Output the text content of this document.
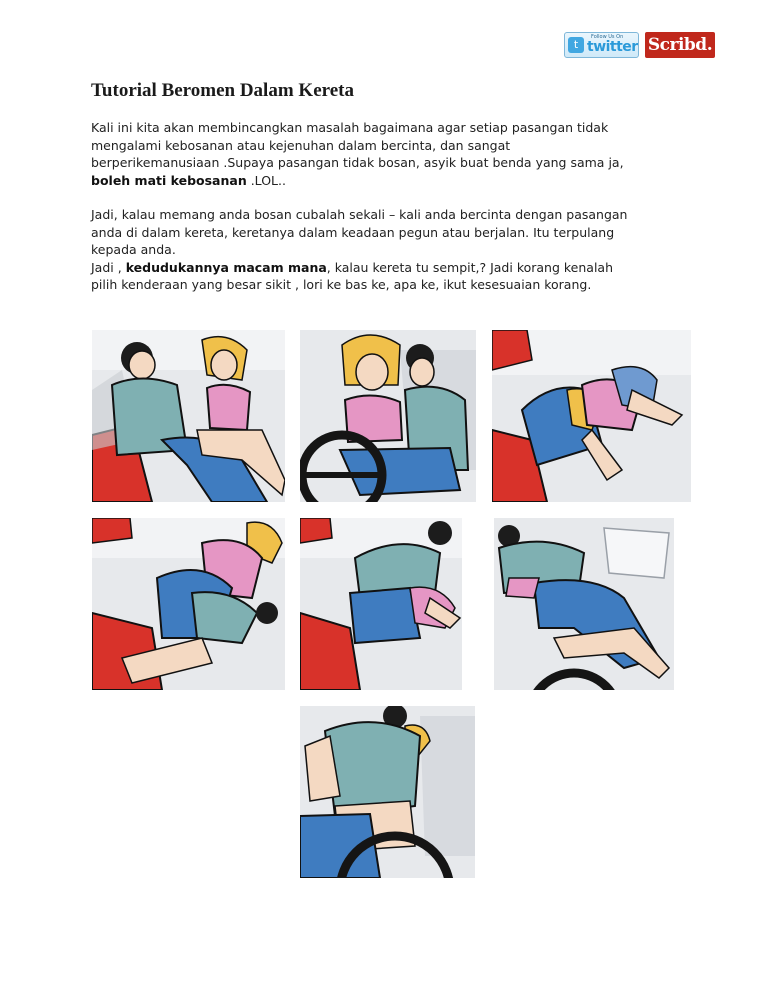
t
Follow Us On
twitter Scribd.
Tutorial Beromen Dalam Kereta

Kali ini kita akan membincangkan masalah bagaimana agar setiap pasangan tidak
mengalami kebosanan atau kejenuhan dalam bercinta, dan sangat
berperikemanusiaan .Supaya pasangan tidak bosan, asyik buat benda yang sama ja,
boleh mati kebosanan .LOL..

Jadi, kalau memang anda bosan cubalah sekali – kali anda bercinta dengan pasangan
anda di dalam kereta, keretanya dalam keadaan pegun atau berjalan. Itu terpulang
kepada anda.
Jadi , kedudukannya macam mana, kalau kereta tu sempit,? Jadi korang kenalah
pilih kenderaan yang besar sikit , lori ke bas ke, apa ke, ikut kesesuaian korang.
